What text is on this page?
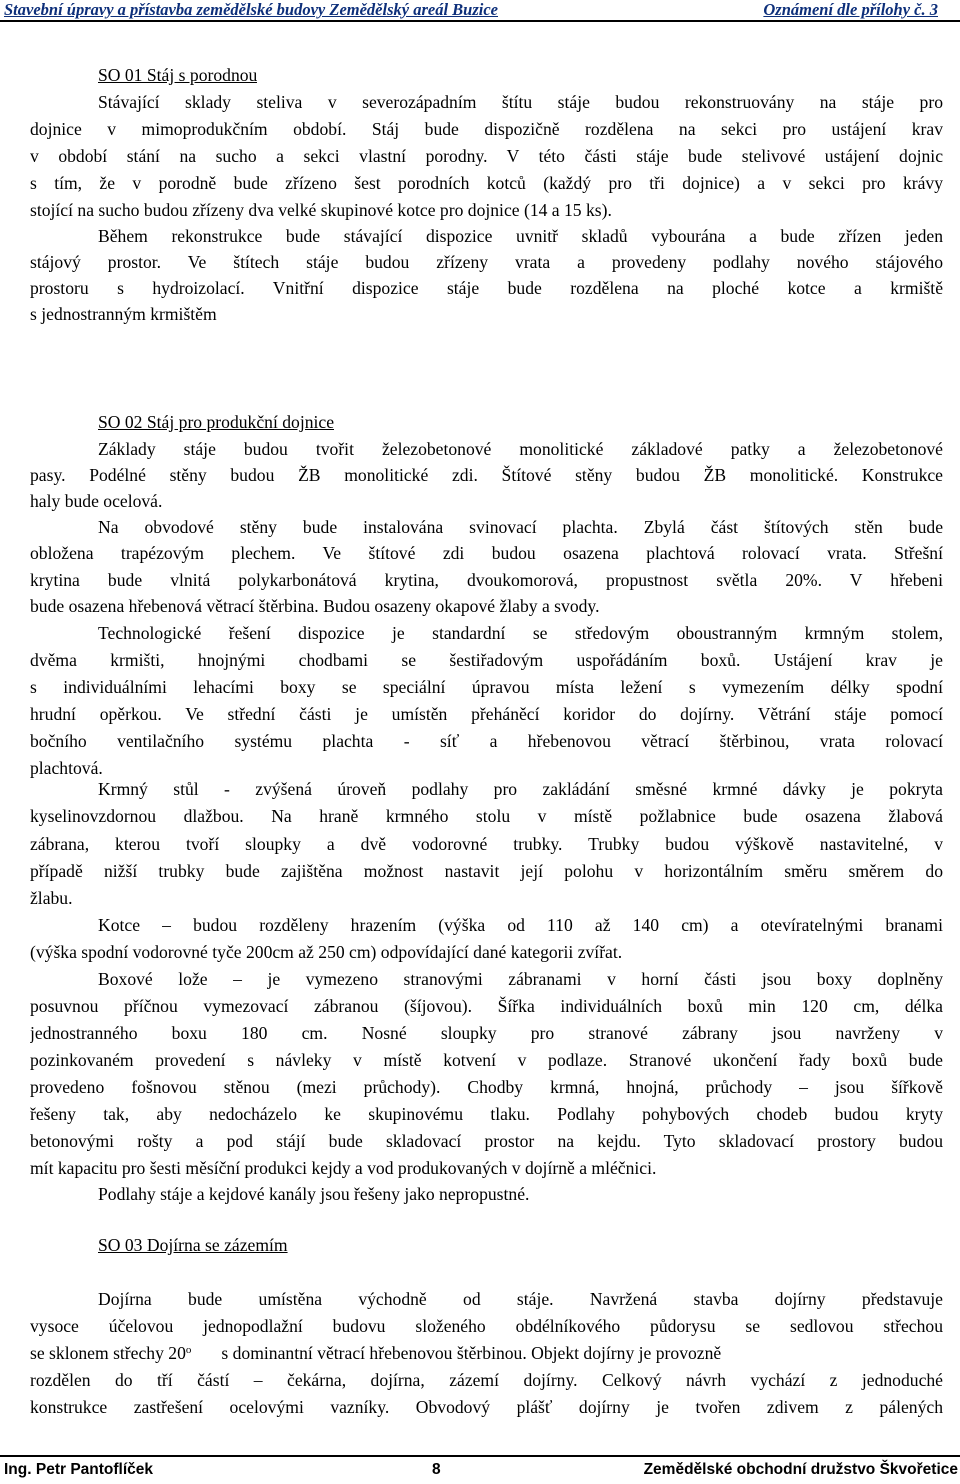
Stavební úpravy a přístavba zemědělské budovy Zemědělský areál Buzice	Oznámení dle přílohy č. 3
SO 01 Stáj s porodnou
Stávající sklady steliva v severozápadním štítu stáje budou rekonstruovány na stáje pro
dojnice v mimoprodukčním období. Stáj bude dispozičně rozdělena na sekci pro ustájení krav
v období stání na sucho a sekci vlastní porodny. V této části stáje bude stelivové ustájení dojnic
s tím, že v porodně bude zřízeno šest porodních kotců (každý pro tři dojnice) a v sekci pro krávy
stojící na sucho budou zřízeny dva velké skupinové kotce pro dojnice (14 a 15 ks).
Během rekonstrukce bude stávající dispozice uvnitř skladů vybourána a bude zřízen jeden
stájový prostor. Ve štítech stáje budou zřízeny vrata a provedeny podlahy nového stájového
prostoru s hydroizolací. Vnitřní dispozice stáje bude rozdělena na ploché kotce a krmiště
s jednostranným krmištěm
SO 02 Stáj pro produkční dojnice
Základy stáje budou tvořit železobetonové monolitické základové patky a železobetonové
pasy. Podélné stěny budou ŽB monolitické zdi. Štítové stěny budou ŽB monolitické. Konstrukce
haly bude ocelová.
Na obvodové stěny bude instalována svinovací plachta. Zbylá část štítových stěn bude
obložena trapézovým plechem. Ve štítové zdi budou osazena plachtová rolovací vrata. Střešní
krytina bude vlnitá polykarbonátová krytina, dvoukomorová, propustnost světla 20%. V hřebeni
bude osazena hřebenová větrací štěrbina. Budou osazeny okapové žlaby a svody.
Technologické řešení dispozice je standardní se středovým oboustranným krmným stolem,
dvěma krmišti, hnojnými chodbami se šestiřadovým uspořádáním boxů. Ustájení krav je
s individuálními lehacími boxy se speciální úpravou místa ležení s vymezením délky spodní
hrudní opěrkou. Ve střední části je umístěn přeháněcí koridor do dojírny. Větrání stáje pomocí
bočního ventilačního systému plachta - síť a hřebenovou větrací štěrbinou, vrata rolovací
plachtová.
Krmný stůl - zvýšená úroveň podlahy pro zakládání směsné krmné dávky je pokryta
kyselinovzdornou dlažbou. Na hraně krmného stolu v místě požlabnice bude osazena žlabová
zábrana, kterou tvoří sloupky a dvě vodorovné trubky. Trubky budou výškově nastavitelné, v
případě nižší trubky bude zajištěna možnost nastavit její polohu v horizontálním směru směrem do
žlabu.
Kotce – budou rozděleny hrazením (výška od 110 až 140 cm) a otevíratelnými branami
(výška spodní vodorovné tyče 200cm až 250 cm) odpovídající dané kategorii zvířat.
Boxové lože – je vymezeno stranovými zábranami v horní části jsou boxy doplněny
posuvnou příčnou vymezovací zábranou (šíjovou). Šířka individuálních boxů min 120 cm, délka
jednostranného boxu 180 cm. Nosné sloupky pro stranové zábrany jsou navrženy v
pozinkovaném provedení s návleky v místě kotvení v podlaze. Stranové ukončení řady boxů bude
provedeno fošnovou stěnou (mezi průchody). Chodby krmná, hnojná, průchody – jsou šířkově
řešeny tak, aby nedocházelo ke skupinovému tlaku. Podlahy pohybových chodeb budou kryty
betonovými rošty a pod stájí bude skladovací prostor na kejdu. Tyto skladovací prostory budou
mít kapacitu pro šesti měsíční produkci kejdy a vod produkovaných v dojírně a mléčnici.
Podlahy stáje a kejdové kanály jsou řešeny jako nepropustné.
SO 03 Dojírna se zázemím
Dojírna bude umístěna východně od stáje. Navržená stavba dojírny představuje
vysoce účelovou jednopodlažní budovu složeného obdélníkového půdorysu se sedlovou střechou
se sklonem střechy 20$^o$ s dominantní větrací hřebenovou štěrbinou. Objekt dojírny je provozně
rozdělen do tří částí – čekárna, dojírna, zázemí dojírny. Celkový návrh vychází z jednoduché
konstrukce zastřešení ocelovými vazníky. Obvodový plášť dojírny je tvořen zdivem z pálených
Ing. Petr Pantoflíček	8	Zemědělské obchodní družstvo Škvořetice
